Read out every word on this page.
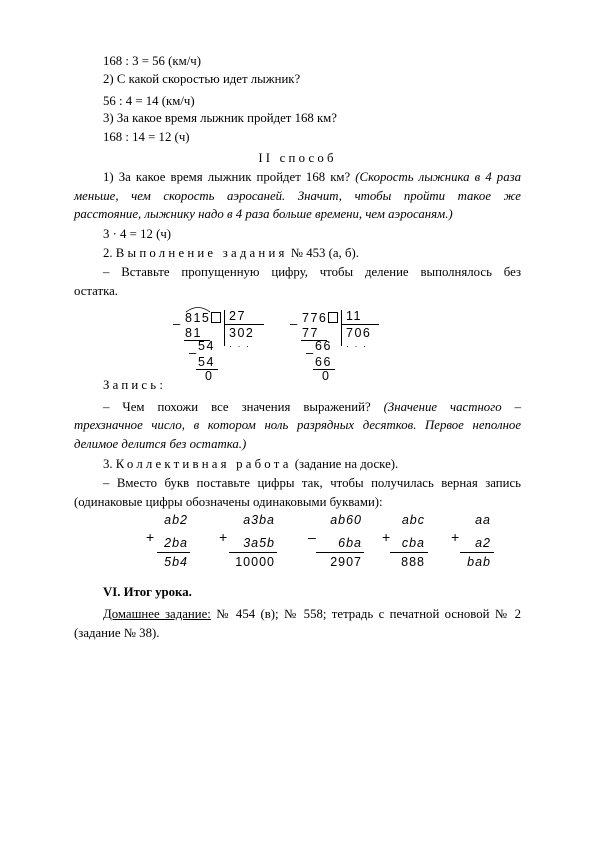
168 : 3 = 56 (км/ч)
2) С какой скоростью идет лыжник?
56 : 4 = 14 (км/ч)
3) За какое время лыжник пройдет 168 км?
168 : 14 = 12 (ч)
II способ
1) За какое время лыжник пройдет 168 км? (Скорость лыжника в 4 раза
меньше, чем скорость аэросаней. Значит, чтобы пройти такое же
расстояние, лыжнику надо в 4 раза больше времени, чем аэросаням.)
3 · 4 = 12 (ч)
2. Выполнение задания № 453 (а, б).
– Вставьте пропущенную цифру, чтобы деление выполнялось без
остатка.
– 815	27
302
· · ·
81
– 54
54
0
– 776	11
706
· · ·
77
– 66
66
0
Запись:
– Чем похожи все значения выражений? (Значение частного –
трехзначное число, в котором ноль разрядных десятков. Первое неполное
делимое делится без остатка.)
3. Коллективная работа (задание на доске).
– Вместо букв поставьте цифры так, чтобы получилась верная запись
(одинаковые цифры обозначены одинаковыми буквами):
+
ab2
2ba
5b4
+
a3ba
3a5b
10000
–
ab60
6ba
2907
+
abc
cba
888
+
aa
a2
bab
VI. Итог урока.
Домашнее задание: № 454 (в); № 558; тетрадь с печатной основой № 2
(задание № 38).
